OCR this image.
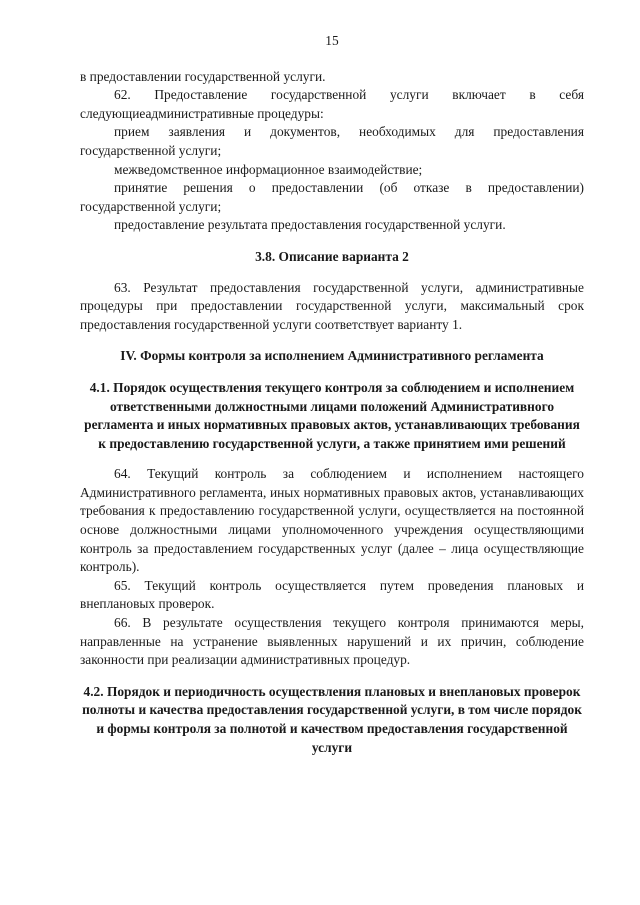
15

в предоставлении государственной услуги.

62. Предоставление государственной услуги включает в себя следующиеадминистративные процедуры:

прием заявления и документов, необходимых для предоставления государственной услуги;

межведомственное информационное взаимодействие;

принятие решения о предоставлении (об отказе в предоставлении) государственной услуги;

предоставление результата предоставления государственной услуги.

3.8. Описание варианта 2

63. Результат предоставления государственной услуги, административные процедуры при предоставлении государственной услуги, максимальный срок предоставления государственной услуги соответствует варианту 1.

IV. Формы контроля за исполнением Административного регламента

4.1. Порядок осуществления текущего контроля за соблюдением и исполнением ответственными должностными лицами положений Административного регламента и иных нормативных правовых актов, устанавливающих требования к предоставлению государственной услуги, а также принятием ими решений

64. Текущий контроль за соблюдением и исполнением настоящего Административного регламента, иных нормативных правовых актов, устанавливающих требования к предоставлению государственной услуги, осуществляется на постоянной основе должностными лицами уполномоченного учреждения осуществляющими контроль за предоставлением государственных услуг (далее – лица осуществляющие контроль).

65. Текущий контроль осуществляется путем проведения плановых и внеплановых проверок.

66. В результате осуществления текущего контроля принимаются меры, направленные на устранение выявленных нарушений и их причин, соблюдение законности при реализации административных процедур.

4.2. Порядок и периодичность осуществления плановых и внеплановых проверок полноты и качества предоставления государственной услуги, в том числе порядок и формы контроля за полнотой и качеством предоставления государственной услуги
